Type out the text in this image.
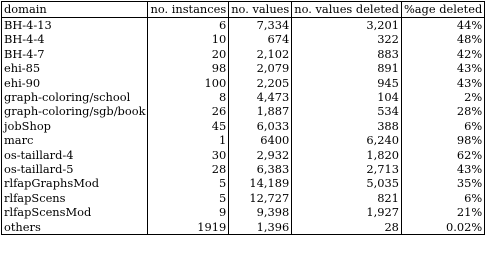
domain	no. instances	no. values	no. values deleted	%age deleted
BH-4-13	6	7,334	3,201	44%
BH-4-4	10	674	322	48%
BH-4-7	20	2,102	883	42%
ehi-85	98	2,079	891	43%
ehi-90	100	2,205	945	43%
graph-coloring/school	8	4,473	104	2%
graph-coloring/sgb/book	26	1,887	534	28%
jobShop	45	6,033	388	6%
marc	1	6400	6,240	98%
os-taillard-4	30	2,932	1,820	62%
os-taillard-5	28	6,383	2,713	43%
rlfapGraphsMod	5	14,189	5,035	35%
rlfapScens	5	12,727	821	6%
rlfapScensMod	9	9,398	1,927	21%
others	1919	1,396	28	0.02%
